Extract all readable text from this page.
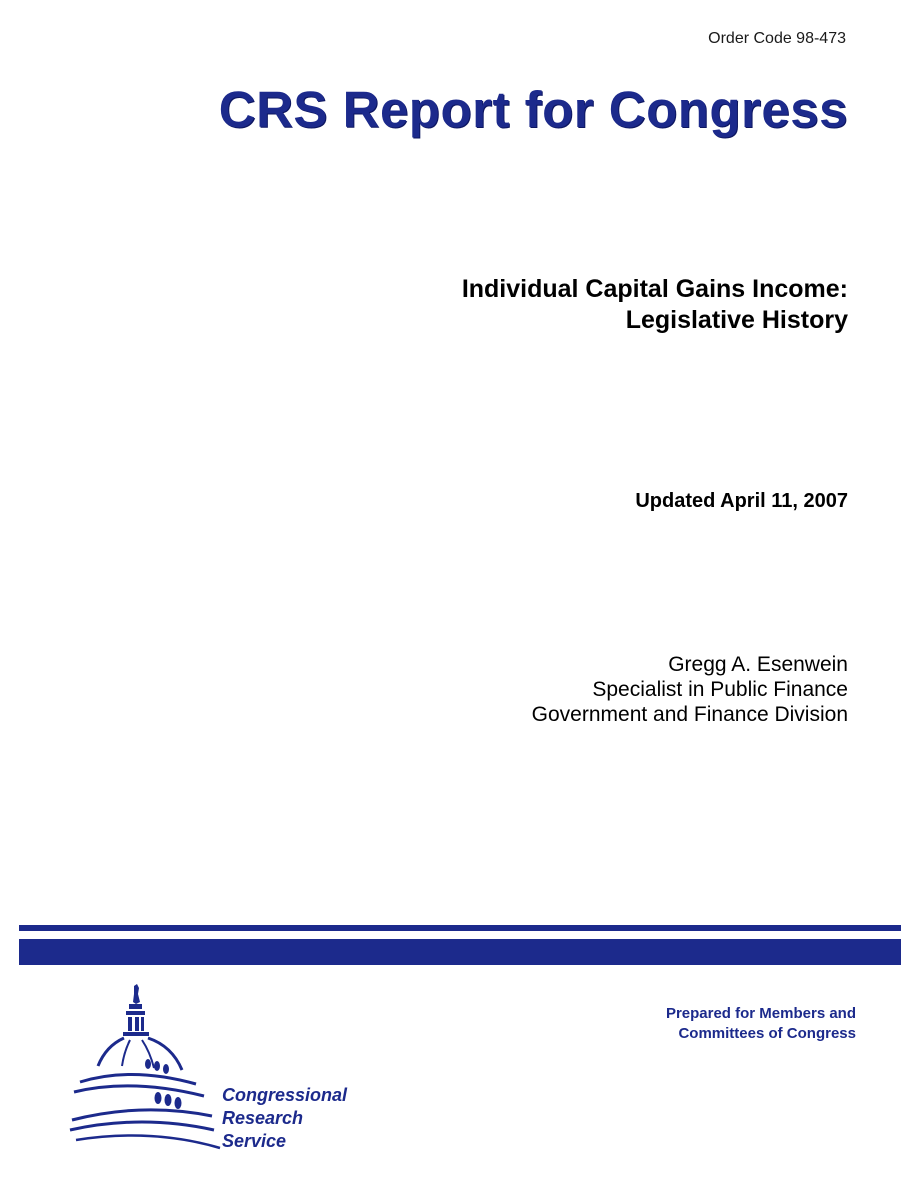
Order Code 98-473
CRS Report for Congress
Individual Capital Gains Income:
Legislative History
Updated April 11, 2007
Gregg A. Esenwein
Specialist in Public Finance
Government and Finance Division
Prepared for Members and
Committees of Congress
Congressional
Research
Service
